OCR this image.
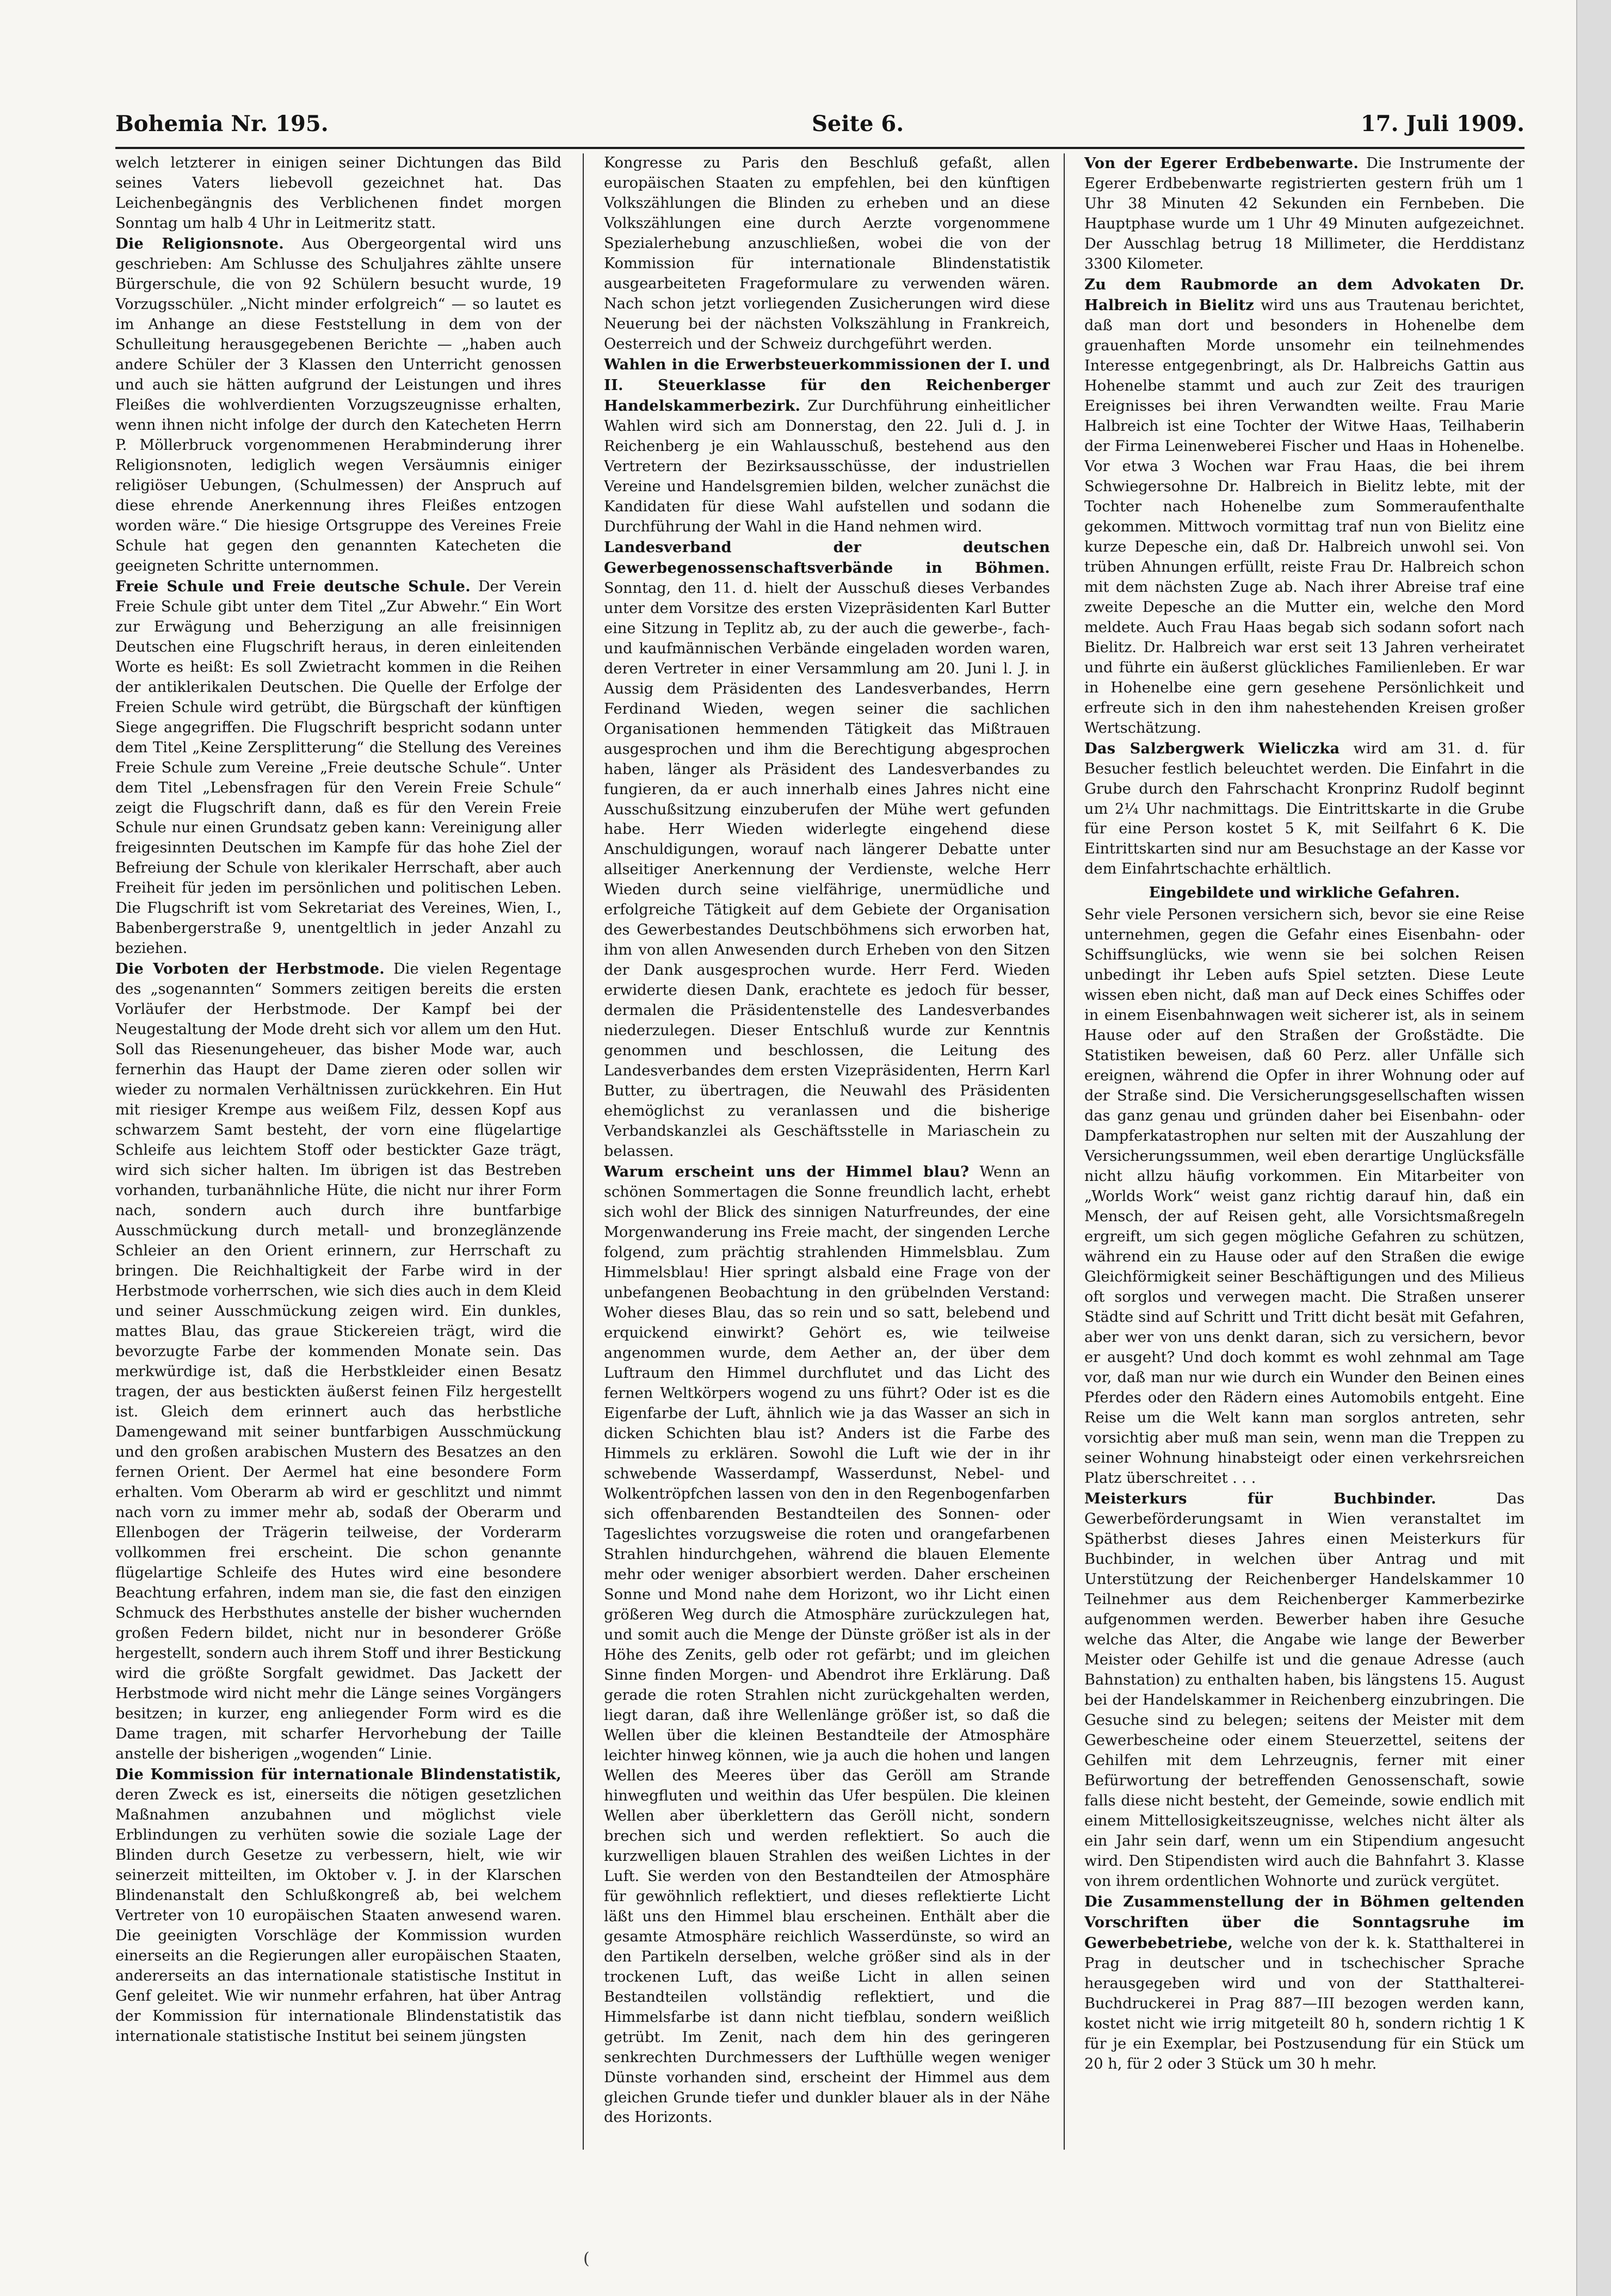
Bohemia Nr. 195.	Seite 6.	17. Juli 1909.

welch letzterer in einigen seiner Dichtungen das Bild seines Vaters liebevoll gezeichnet hat. Das Leichenbegängnis des Verblichenen findet morgen Sonntag um halb 4 Uhr in Leitmeritz statt.

Die Religionsnote. Aus Obergeorgental wird uns geschrieben: Am Schlusse des Schuljahres zählte unsere Bürgerschule, die von 92 Schülern besucht wurde, 19 Vorzugsschüler. „Nicht minder erfolgreich“ — so lautet es im Anhange an diese Feststellung in dem von der Schulleitung herausgegebenen Berichte — „haben auch andere Schüler der 3 Klassen den Unterricht genossen und auch sie hätten aufgrund der Leistungen und ihres Fleißes die wohlverdienten Vorzugszeugnisse erhalten, wenn ihnen nicht infolge der durch den Katecheten Herrn P. Möllerbruck vorgenommenen Herabminderung ihrer Religionsnoten, lediglich wegen Versäumnis einiger religiöser Uebungen, (Schulmessen) der Anspruch auf diese ehrende Anerkennung ihres Fleißes entzogen worden wäre.“ Die hiesige Ortsgruppe des Vereines Freie Schule hat gegen den genannten Katecheten die geeigneten Schritte unternommen.

Freie Schule und Freie deutsche Schule. Der Verein Freie Schule gibt unter dem Titel „Zur Abwehr.“ Ein Wort zur Erwägung und Beherzigung an alle freisinnigen Deutschen eine Flugschrift heraus, in deren einleitenden Worte es heißt: Es soll Zwietracht kommen in die Reihen der antiklerikalen Deutschen. Die Quelle der Erfolge der Freien Schule wird getrübt, die Bürgschaft der künftigen Siege angegriffen. Die Flugschrift bespricht sodann unter dem Titel „Keine Zersplitterung“ die Stellung des Vereines Freie Schule zum Vereine „Freie deutsche Schule“. Unter dem Titel „Lebensfragen für den Verein Freie Schule“ zeigt die Flugschrift dann, daß es für den Verein Freie Schule nur einen Grundsatz geben kann: Vereinigung aller freigesinnten Deutschen im Kampfe für das hohe Ziel der Befreiung der Schule von klerikaler Herrschaft, aber auch Freiheit für jeden im persönlichen und politischen Leben. Die Flugschrift ist vom Sekretariat des Vereines, Wien, I., Babenbergerstraße 9, unentgeltlich in jeder Anzahl zu beziehen.

Die Vorboten der Herbstmode. Die vielen Regentage des „sogenannten“ Sommers zeitigen bereits die ersten Vorläufer der Herbstmode. Der Kampf bei der Neugestaltung der Mode dreht sich vor allem um den Hut. Soll das Riesenungeheuer, das bisher Mode war, auch fernerhin das Haupt der Dame zieren oder sollen wir wieder zu normalen Verhältnissen zurückkehren. Ein Hut mit riesiger Krempe aus weißem Filz, dessen Kopf aus schwarzem Samt besteht, der vorn eine flügelartige Schleife aus leichtem Stoff oder bestickter Gaze trägt, wird sich sicher halten. Im übrigen ist das Bestreben vorhanden, turbanähnliche Hüte, die nicht nur ihrer Form nach, sondern auch durch ihre buntfarbige Ausschmückung durch metall- und bronzeglänzende Schleier an den Orient erinnern, zur Herrschaft zu bringen. Die Reichhaltigkeit der Farbe wird in der Herbstmode vorherrschen, wie sich dies auch in dem Kleid und seiner Ausschmückung zeigen wird. Ein dunkles, mattes Blau, das graue Stickereien trägt, wird die bevorzugte Farbe der kommenden Monate sein. Das merkwürdige ist, daß die Herbstkleider einen Besatz tragen, der aus bestickten äußerst feinen Filz hergestellt ist. Gleich dem erinnert auch das herbstliche Damengewand mit seiner buntfarbigen Ausschmückung und den großen arabischen Mustern des Besatzes an den fernen Orient. Der Aermel hat eine besondere Form erhalten. Vom Oberarm ab wird er geschlitzt und nimmt nach vorn zu immer mehr ab, sodaß der Oberarm und Ellenbogen der Trägerin teilweise, der Vorderarm vollkommen frei erscheint. Die schon genannte flügelartige Schleife des Hutes wird eine besondere Beachtung erfahren, indem man sie, die fast den einzigen Schmuck des Herbsthutes anstelle der bisher wuchernden großen Federn bildet, nicht nur in besonderer Größe hergestellt, sondern auch ihrem Stoff und ihrer Bestickung wird die größte Sorgfalt gewidmet. Das Jackett der Herbstmode wird nicht mehr die Länge seines Vorgängers besitzen; in kurzer, eng anliegender Form wird es die Dame tragen, mit scharfer Hervorhebung der Taille anstelle der bisherigen „wogenden“ Linie.

Die Kommission für internationale Blindenstatistik, deren Zweck es ist, einerseits die nötigen gesetzlichen Maßnahmen anzubahnen und möglichst viele Erblindungen zu verhüten sowie die soziale Lage der Blinden durch Gesetze zu verbessern, hielt, wie wir seinerzeit mitteilten, im Oktober v. J. in der Klarschen Blindenanstalt den Schlußkongreß ab, bei welchem Vertreter von 10 europäischen Staaten anwesend waren. Die geeinigten Vorschläge der Kommission wurden einerseits an die Regierungen aller europäischen Staaten, andererseits an das internationale statistische Institut in Genf geleitet. Wie wir nunmehr erfahren, hat über Antrag der Kommission für internationale Blindenstatistik das internationale statistische Institut bei seinem jüngsten

Kongresse zu Paris den Beschluß gefaßt, allen europäischen Staaten zu empfehlen, bei den künftigen Volkszählungen die Blinden zu erheben und an diese Volkszählungen eine durch Aerzte vorgenommene Spezialerhebung anzuschließen, wobei die von der Kommission für internationale Blindenstatistik ausgearbeiteten Frageformulare zu verwenden wären. Nach schon jetzt vorliegenden Zusicherungen wird diese Neuerung bei der nächsten Volkszählung in Frankreich, Oesterreich und der Schweiz durchgeführt werden.

Wahlen in die Erwerbsteuerkommissionen der I. und II. Steuerklasse für den Reichenberger Handelskammerbezirk. Zur Durchführung einheitlicher Wahlen wird sich am Donnerstag, den 22. Juli d. J. in Reichenberg je ein Wahlausschuß, bestehend aus den Vertretern der Bezirksausschüsse, der industriellen Vereine und Handelsgremien bilden, welcher zunächst die Kandidaten für diese Wahl aufstellen und sodann die Durchführung der Wahl in die Hand nehmen wird.

Landesverband der deutschen Gewerbegenossenschaftsverbände in Böhmen. Sonntag, den 11. d. hielt der Ausschuß dieses Verbandes unter dem Vorsitze des ersten Vizepräsidenten Karl Butter eine Sitzung in Teplitz ab, zu der auch die gewerbe-, fach- und kaufmännischen Verbände eingeladen worden waren, deren Vertreter in einer Versammlung am 20. Juni l. J. in Aussig dem Präsidenten des Landesverbandes, Herrn Ferdinand Wieden, wegen seiner die sachlichen Organisationen hemmenden Tätigkeit das Mißtrauen ausgesprochen und ihm die Berechtigung abgesprochen haben, länger als Präsident des Landesverbandes zu fungieren, da er auch innerhalb eines Jahres nicht eine Ausschußsitzung einzuberufen der Mühe wert gefunden habe. Herr Wieden widerlegte eingehend diese Anschuldigungen, worauf nach längerer Debatte unter allseitiger Anerkennung der Verdienste, welche Herr Wieden durch seine vielfährige, unermüdliche und erfolgreiche Tätigkeit auf dem Gebiete der Organisation des Gewerbestandes Deutschböhmens sich erworben hat, ihm von allen Anwesenden durch Erheben von den Sitzen der Dank ausgesprochen wurde. Herr Ferd. Wieden erwiderte diesen Dank, erachtete es jedoch für besser, dermalen die Präsidentenstelle des Landesverbandes niederzulegen. Dieser Entschluß wurde zur Kenntnis genommen und beschlossen, die Leitung des Landesverbandes dem ersten Vizepräsidenten, Herrn Karl Butter, zu übertragen, die Neuwahl des Präsidenten ehemöglichst zu veranlassen und die bisherige Verbandskanzlei als Geschäftsstelle in Mariaschein zu belassen.

Warum erscheint uns der Himmel blau? Wenn an schönen Sommertagen die Sonne freundlich lacht, erhebt sich wohl der Blick des sinnigen Naturfreundes, der eine Morgenwanderung ins Freie macht, der singenden Lerche folgend, zum prächtig strahlenden Himmelsblau. Zum Himmelsblau! Hier springt alsbald eine Frage von der unbefangenen Beobachtung in den grübelnden Verstand: Woher dieses Blau, das so rein und so satt, belebend und erquickend einwirkt? Gehört es, wie teilweise angenommen wurde, dem Aether an, der über dem Luftraum den Himmel durchflutet und das Licht des fernen Weltkörpers wogend zu uns führt? Oder ist es die Eigenfarbe der Luft, ähnlich wie ja das Wasser an sich in dicken Schichten blau ist? Anders ist die Farbe des Himmels zu erklären. Sowohl die Luft wie der in ihr schwebende Wasserdampf, Wasserdunst, Nebel- und Wolkentröpfchen lassen von den in den Regenbogenfarben sich offenbarenden Bestandteilen des Sonnen- oder Tageslichtes vorzugsweise die roten und orangefarbenen Strahlen hindurchgehen, während die blauen Elemente mehr oder weniger absorbiert werden. Daher erscheinen Sonne und Mond nahe dem Horizont, wo ihr Licht einen größeren Weg durch die Atmosphäre zurückzulegen hat, und somit auch die Menge der Dünste größer ist als in der Höhe des Zenits, gelb oder rot gefärbt; und im gleichen Sinne finden Morgen- und Abendrot ihre Erklärung. Daß gerade die roten Strahlen nicht zurückgehalten werden, liegt daran, daß ihre Wellenlänge größer ist, so daß die Wellen über die kleinen Bestandteile der Atmosphäre leichter hinweg können, wie ja auch die hohen und langen Wellen des Meeres über das Geröll am Strande hinwegfluten und weithin das Ufer bespülen. Die kleinen Wellen aber überklettern das Geröll nicht, sondern brechen sich und werden reflektiert. So auch die kurzwelligen blauen Strahlen des weißen Lichtes in der Luft. Sie werden von den Bestandteilen der Atmosphäre für gewöhnlich reflektiert, und dieses reflektierte Licht läßt uns den Himmel blau erscheinen. Enthält aber die gesamte Atmosphäre reichlich Wasserdünste, so wird an den Partikeln derselben, welche größer sind als in der trockenen Luft, das weiße Licht in allen seinen Bestandteilen vollständig reflektiert, und die Himmelsfarbe ist dann nicht tiefblau, sondern weißlich getrübt. Im Zenit, nach dem hin des geringeren senkrechten Durchmessers der Lufthülle wegen weniger Dünste vorhanden sind, erscheint der Himmel aus dem gleichen Grunde tiefer und dunkler blauer als in der Nähe des Horizonts.

Von der Egerer Erdbebenwarte. Die Instrumente der Egerer Erdbebenwarte registrierten gestern früh um 1 Uhr 38 Minuten 42 Sekunden ein Fernbeben. Die Hauptphase wurde um 1 Uhr 49 Minuten aufgezeichnet. Der Ausschlag betrug 18 Millimeter, die Herddistanz 3300 Kilometer.

Zu dem Raubmorde an dem Advokaten Dr. Halbreich in Bielitz wird uns aus Trautenau berichtet, daß man dort und besonders in Hohenelbe dem grauenhaften Morde unsomehr ein teilnehmendes Interesse entgegenbringt, als Dr. Halbreichs Gattin aus Hohenelbe stammt und auch zur Zeit des traurigen Ereignisses bei ihren Verwandten weilte. Frau Marie Halbreich ist eine Tochter der Witwe Haas, Teilhaberin der Firma Leinenweberei Fischer und Haas in Hohenelbe. Vor etwa 3 Wochen war Frau Haas, die bei ihrem Schwiegersohne Dr. Halbreich in Bielitz lebte, mit der Tochter nach Hohenelbe zum Sommeraufenthalte gekommen. Mittwoch vormittag traf nun von Bielitz eine kurze Depesche ein, daß Dr. Halbreich unwohl sei. Von trüben Ahnungen erfüllt, reiste Frau Dr. Halbreich schon mit dem nächsten Zuge ab. Nach ihrer Abreise traf eine zweite Depesche an die Mutter ein, welche den Mord meldete. Auch Frau Haas begab sich sodann sofort nach Bielitz. Dr. Halbreich war erst seit 13 Jahren verheiratet und führte ein äußerst glückliches Familienleben. Er war in Hohenelbe eine gern gesehene Persönlichkeit und erfreute sich in den ihm nahestehenden Kreisen großer Wertschätzung.

Das Salzbergwerk Wieliczka wird am 31. d. für Besucher festlich beleuchtet werden. Die Einfahrt in die Grube durch den Fahrschacht Kronprinz Rudolf beginnt um 2¼ Uhr nachmittags. Die Eintrittskarte in die Grube für eine Person kostet 5 K, mit Seilfahrt 6 K. Die Eintrittskarten sind nur am Besuchstage an der Kasse vor dem Einfahrtschachte erhältlich.

Eingebildete und wirkliche Gefahren.
Sehr viele Personen versichern sich, bevor sie eine Reise unternehmen, gegen die Gefahr eines Eisenbahn- oder Schiffsunglücks, wie wenn sie bei solchen Reisen unbedingt ihr Leben aufs Spiel setzten. Diese Leute wissen eben nicht, daß man auf Deck eines Schiffes oder in einem Eisenbahnwagen weit sicherer ist, als in seinem Hause oder auf den Straßen der Großstädte. Die Statistiken beweisen, daß 60 Perz. aller Unfälle sich ereignen, während die Opfer in ihrer Wohnung oder auf der Straße sind. Die Versicherungsgesellschaften wissen das ganz genau und gründen daher bei Eisenbahn- oder Dampferkatastrophen nur selten mit der Auszahlung der Versicherungssummen, weil eben derartige Unglücksfälle nicht allzu häufig vorkommen. Ein Mitarbeiter von „Worlds Work“ weist ganz richtig darauf hin, daß ein Mensch, der auf Reisen geht, alle Vorsichtsmaßregeln ergreift, um sich gegen mögliche Gefahren zu schützen, während ein zu Hause oder auf den Straßen die ewige Gleichförmigkeit seiner Beschäftigungen und des Milieus oft sorglos und verwegen macht. Die Straßen unserer Städte sind auf Schritt und Tritt dicht besät mit Gefahren, aber wer von uns denkt daran, sich zu versichern, bevor er ausgeht? Und doch kommt es wohl zehnmal am Tage vor, daß man nur wie durch ein Wunder den Beinen eines Pferdes oder den Rädern eines Automobils entgeht. Eine Reise um die Welt kann man sorglos antreten, sehr vorsichtig aber muß man sein, wenn man die Treppen zu seiner Wohnung hinabsteigt oder einen verkehrsreichen Platz überschreitet . . .

Meisterkurs für Buchbinder.	Das Gewerbeförderungsamt in Wien veranstaltet im Spätherbst dieses Jahres einen Meisterkurs für Buchbinder, in welchen über Antrag und mit Unterstützung der Reichenberger Handelskammer 10 Teilnehmer aus dem Reichenberger Kammerbezirke aufgenommen werden. Bewerber haben ihre Gesuche welche das Alter, die Angabe wie lange der Bewerber Meister oder Gehilfe ist und die genaue Adresse (auch Bahnstation) zu enthalten haben, bis längstens 15. August bei der Handelskammer in Reichenberg einzubringen. Die Gesuche sind zu belegen; seitens der Meister mit dem Gewerbescheine oder einem Steuerzettel, seitens der Gehilfen mit dem Lehrzeugnis, ferner mit einer Befürwortung der betreffenden Genossenschaft, sowie falls diese nicht besteht, der Gemeinde, sowie endlich mit einem Mittellosigkeitszeugnisse, welches nicht älter als ein Jahr sein darf, wenn um ein Stipendium angesucht wird. Den Stipendisten wird auch die Bahnfahrt 3. Klasse von ihrem ordentlichen Wohnorte und zurück vergütet.

Die Zusammenstellung der in Böhmen geltenden Vorschriften über die Sonntagsruhe im Gewerbebetriebe, welche von der k. k. Statthalterei in Prag in deutscher und in tschechischer Sprache herausgegeben wird und von der Statthalterei-Buchdruckerei in Prag 887—III bezogen werden kann, kostet nicht wie irrig mitgeteilt 80 h, sondern richtig 1 K für je ein Exemplar, bei Postzusendung für ein Stück um 20 h, für 2 oder 3 Stück um 30 h mehr.

(
